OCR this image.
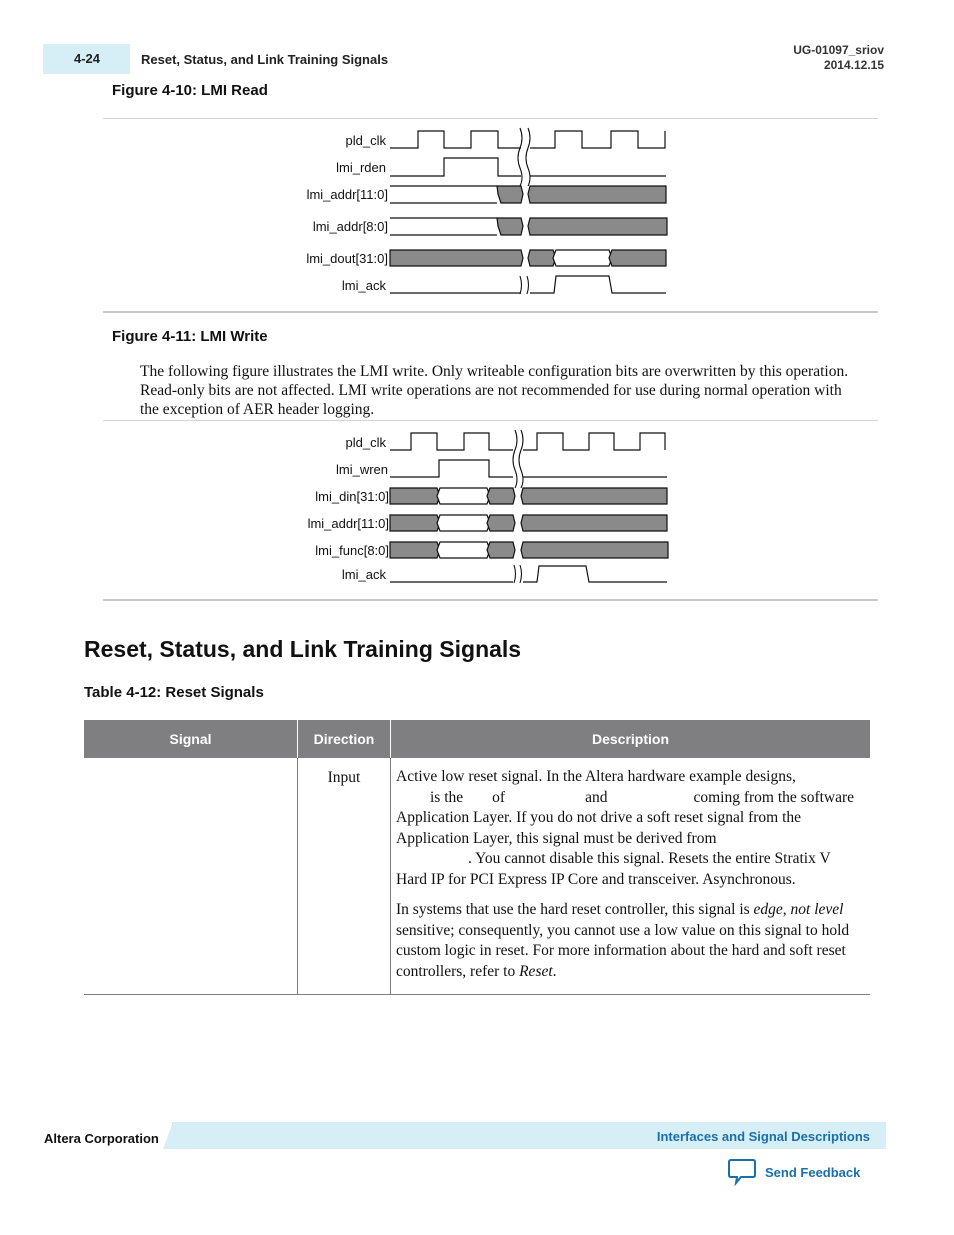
4-24	Reset, Status, and Link Training Signals
UG-01097_sriov
2014.12.15
Figure 4-10: LMI Read
pld_clk
lmi_rden
lmi_addr[11:0]
lmi_addr[8:0]
lmi_dout[31:0]
lmi_ack
pld_clk
lmi_wren
lmi_din[31:0]
lmi_addr[11:0]
lmi_func[8:0]
lmi_ack
Figure 4-11: LMI Write
The following figure illustrates the LMI write. Only writeable configuration bits are overwritten by this operation. Read-only bits are not affected. LMI write operations are not recommended for use during normal operation with the exception of AER header logging.
Reset, Status, and Link Training Signals
Table 4-12: Reset Signals
Signal	Direction	Description
	Input	Active low reset signal. In the Altera hardware example designs,
is the of and coming from the software Application Layer. If you do not drive a soft reset signal from the Application Layer, this signal must be derived from
. You cannot disable this signal. Resets the entire Stratix V Hard IP for PCI Express IP Core and transceiver. Asynchronous.

In systems that use the hard reset controller, this signal is edge, not level sensitive; consequently, you cannot use a low value on this signal to hold custom logic in reset. For more information about the hard and soft reset controllers, refer to Reset.

Altera Corporation	Interfaces and Signal Descriptions
Send Feedback
